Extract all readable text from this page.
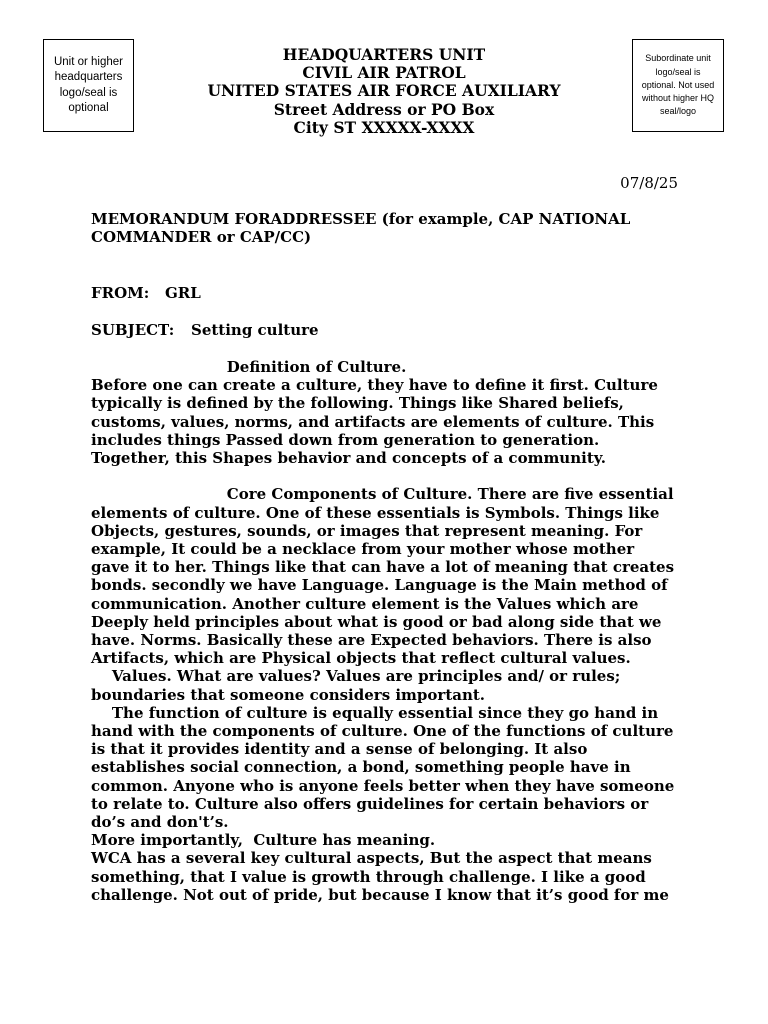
Unit or higher headquarters logo/seal is optional
Subordinate unit logo/seal is optional. Not used without higher HQ seal/logo
HEADQUARTERS UNIT
CIVIL AIR PATROL
UNITED STATES AIR FORCE AUXILIARY
Street Address or PO Box
City ST XXXXX-XXXX
07/8/25
MEMORANDUM FORADDRESSEE (for example, CAP NATIONAL
COMMANDER or CAP/CC)
FROM: GRL
SUBJECT: Setting culture
Definition of Culture.
Before one can create a culture, they have to define it first. Culture
typically is defined by the following. Things like Shared beliefs,
customs, values, norms, and artifacts are elements of culture. This
includes things Passed down from generation to generation.
Together, this Shapes behavior and concepts of a community.
Core Components of Culture. There are five essential
elements of culture. One of these essentials is Symbols. Things like
Objects, gestures, sounds, or images that represent meaning. For
example, It could be a necklace from your mother whose mother
gave it to her. Things like that can have a lot of meaning that creates
bonds. secondly we have Language. Language is the Main method of
communication. Another culture element is the Values which are
Deeply held principles about what is good or bad along side that we
have. Norms. Basically these are Expected behaviors. There is also
Artifacts, which are Physical objects that reflect cultural values.
Values. What are values? Values are principles and/ or rules;
boundaries that someone considers important.
The function of culture is equally essential since they go hand in
hand with the components of culture. One of the functions of culture
is that it provides identity and a sense of belonging. It also
establishes social connection, a bond, something people have in
common. Anyone who is anyone feels better when they have someone
to relate to. Culture also offers guidelines for certain behaviors or
do’s and don't’s.
More importantly,  Culture has meaning.
WCA has a several key cultural aspects, But the aspect that means
something, that I value is growth through challenge. I like a good
challenge. Not out of pride, but because I know that it’s good for me
